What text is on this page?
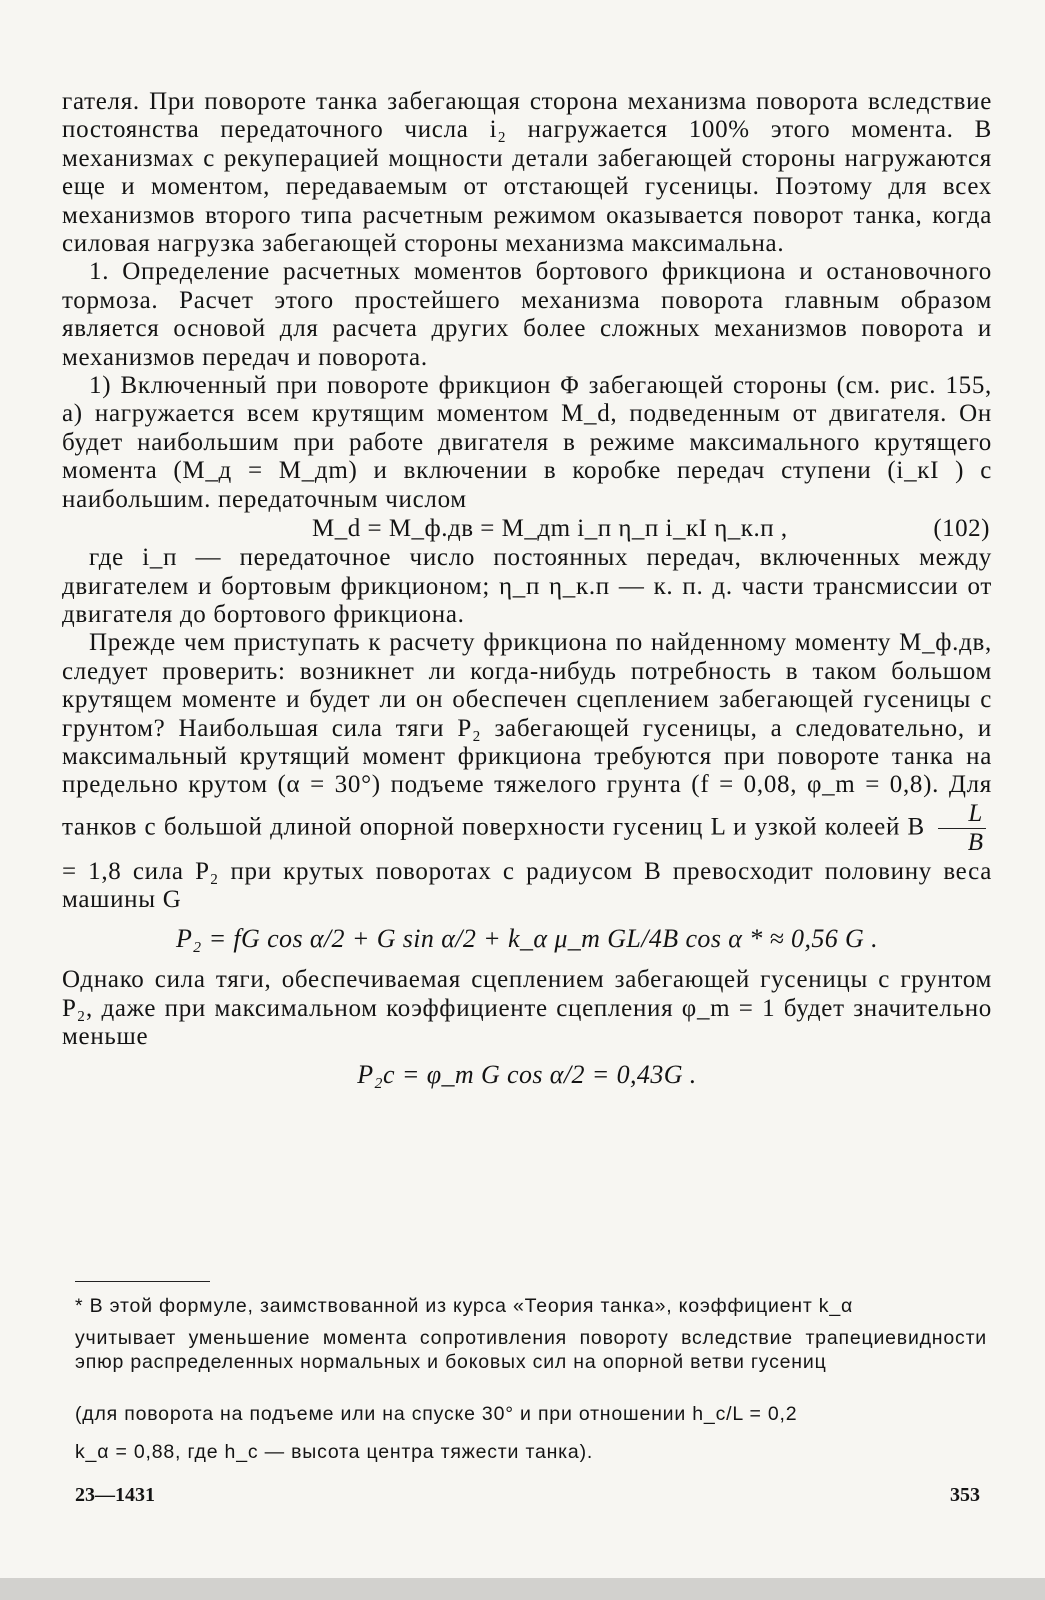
гателя. При повороте танка забегающая сторона механизма поворота вследствие постоянства передаточного числа i₂ нагружается 100% этого момента. В механизмах с рекуперацией мощности детали забегающей стороны нагружаются еще и моментом, передаваемым от отстающей гусеницы. Поэтому для всех механизмов второго типа расчетным режимом оказывается поворот танка, когда силовая нагрузка забегающей стороны механизма максимальна.

1. Определение расчетных моментов бортового фрикциона и остановочного тормоза. Расчет этого простейшего механизма поворота главным образом является основой для расчета других более сложных механизмов поворота и механизмов передач и поворота.

1) Включенный при повороте фрикцион Φ забегающей стороны (см. рис. 155, а) нагружается всем крутящим моментом M_d, подведенным от двигателя. Он будет наибольшим при работе двигателя в режиме максимального крутящего момента (M_д = M_дm) и включении в коробке передач ступени (i_кI ) с наибольшим. передаточным числом

M_d = M_ф.дв = M_дm i_п η_п i_кI η_к.п ,	(102)

где i_п — передаточное число постоянных передач, включенных между двигателем и бортовым фрикционом; η_п η_к.п — к. п. д. части трансмиссии от двигателя до бортового фрикциона.

Прежде чем приступать к расчету фрикциона по найденному моменту M_ф.дв, следует проверить: возникнет ли когда-нибудь потребность в таком большом крутящем моменте и будет ли он обеспечен сцеплением забегающей гусеницы с грунтом? Наибольшая сила тяги P₂ забегающей гусеницы, а следовательно, и максимальный крутящий момент фрикциона требуются при повороте танка на предельно крутом (α = 30°) подъеме тяжелого грунта (f = 0,08, φ_m = 0,8). Для танков с большой длиной опорной поверхности гусениц L и узкой колеей B $\frac{L}{B}$
= 1,8 сила P₂ при крутых поворотах с радиусом B превосходит половину веса машины G

P₂ = fG cos α/2 + G sin α/2 + k_α μ_m GL/4B cos α * ≈ 0,56 G .

Однако сила тяги, обеспечиваемая сцеплением забегающей гусеницы с грунтом P₂, даже при максимальном коэффициенте сцепления φ_m = 1 будет значительно меньше

P₂с = φ_m G cos α/2 = 0,43G .

* В этой формуле, заимствованной из курса «Теория танка», коэффициент k_α
учитывает уменьшение момента сопротивления повороту вследствие трапециевидности эпюр распределенных нормальных и боковых сил на опорной ветви гусениц
(для поворота на подъеме или на спуске 30° и при отношении h_с/L = 0,2
k_α = 0,88, где h_с — высота центра тяжести танка).
23—1431	353
